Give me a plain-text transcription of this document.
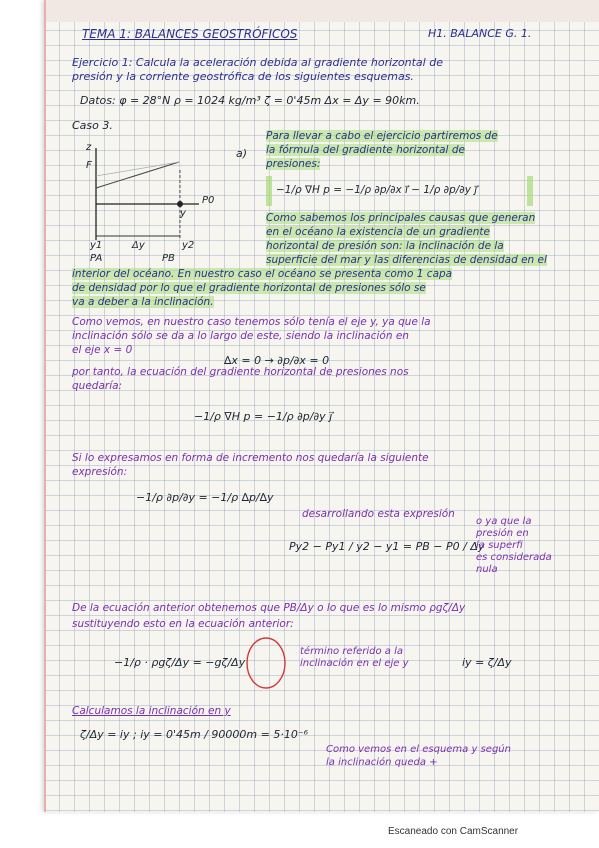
TEMA 1: BALANCES GEOSTRÓFICOS	H1. BALANCE G. 1.
Ejercicio 1: Calcula la aceleración debida al gradiente horizontal de
presión y la corriente geostrófica de los siguientes esquemas.
Datos: φ = 28°N ρ = 1024 kg/m³ ζ = 0'45m Δx = Δy = 90km.
Caso 3.
z
F
y
P0
y1	Δy	y2
PA	PB
a)
Para llevar a cabo el ejercicio partiremos de
la fórmula del gradiente horizontal de
presiones:
−1/ρ ∇H p = −1/ρ ∂p/∂x i⃗ − 1/ρ ∂p/∂y j⃗
Como sabemos los principales causas que generan
en el océano la existencia de un gradiente
horizontal de presión son: la inclinación de la
superficie del mar y las diferencias de densidad en el
interior del océano. En nuestro caso el océano se presenta como 1 capa
de densidad por lo que el gradiente horizontal de presiones sólo se
va a deber a la inclinación.
Como vemos, en nuestro caso tenemos sólo tenía el eje y, ya que la
inclinación sólo se da a lo largo de este, siendo la inclinación en
el eje x = 0
∆x = 0 → ∂p/∂x = 0
por tanto, la ecuación del gradiente horizontal de presiones nos
quedaría:
−1/ρ ∇H p = −1/ρ ∂p/∂y j⃗
Si lo expresamos en forma de incremento nos quedaría la siguiente
expresión:
−1/ρ ∂p/∂y = −1/ρ ∆p/∆y
desarrollando esta expresión
Py2 − Py1 / y2 − y1 = PB − P0 / Δy
o ya que la
presión en
la superfi
es considerada
nula
De la ecuación anterior obtenemos que PB/Δy o lo que es lo mismo ρgζ/Δy
sustituyendo esto en la ecuación anterior:
−1/ρ · ρgζ/Δy = −gζ/Δy
término referido a la
inclinación en el eje y	iy = ζ/Δy
Calculamos la inclinación en y
ζ/Δy = iy ; iy = 0'45m / 90000m = 5·10⁻⁶
Como vemos en el esquema y según
la inclinación queda +
Escaneado con CamScanner
